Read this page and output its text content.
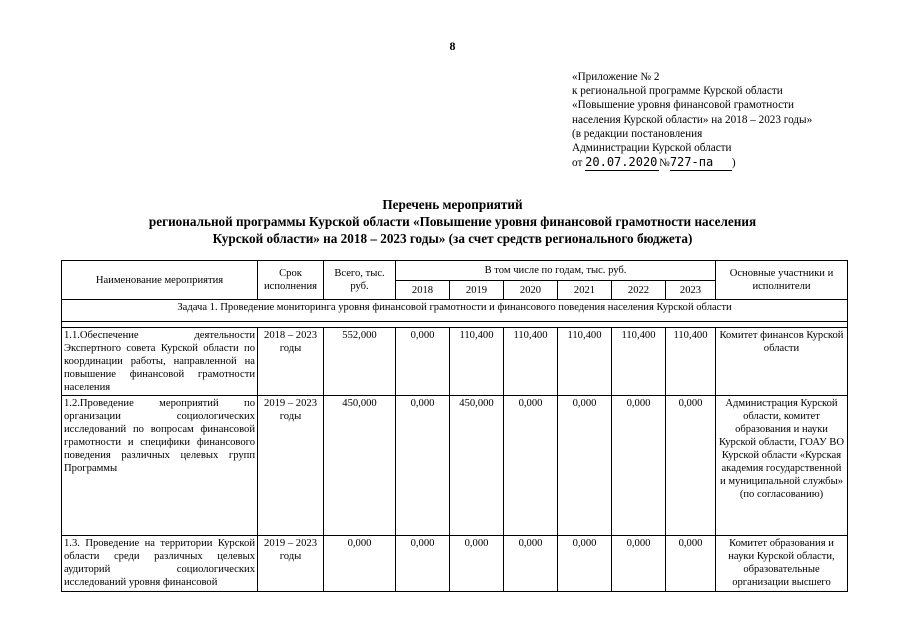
8
«Приложение № 2
к региональной программе Курской области
«Повышение уровня финансовой грамотности
населения Курской области» на 2018 – 2023 годы»
(в редакции постановления
Администрации Курской области
от 20.07.2020 №727-па )
Перечень мероприятий
региональной программы Курской области «Повышение уровня финансовой грамотности населения
Курской области» на 2018 – 2023 годы» (за счет средств регионального бюджета)
Наименование мероприятия	Срок исполнения	Всего, тыс. руб.	В том числе по годам, тыс. руб.						Основные участники и исполнители
			2018	2019	2020	2021	2022	2023	
Задача 1. Проведение мониторинга уровня финансовой грамотности и финансового поведения населения Курской области									

1.1.Обеспечение деятельности Экспертного совета Курской области по координации работы, направленной на повышение финансовой грамотности населения	2018 – 2023 годы	552,000	0,000	110,400	110,400	110,400	110,400	110,400	Комитет финансов Курской области
1.2.Проведение мероприятий по организации социологических исследований по вопросам финансовой грамотности и специфики финансового поведения различных целевых групп Программы	2019 – 2023 годы	450,000	0,000	450,000	0,000	0,000	0,000	0,000	Администрация Курской области, комитет образования и науки Курской области, ГОАУ ВО Курской области «Курская академия государственной и муниципальной службы» (по согласованию)
1.3. Проведение на территории Курской области среди различных целевых аудиторий социологических исследований уровня финансовой	2019 – 2023 годы	0,000	0,000	0,000	0,000	0,000	0,000	0,000	Комитет образования и науки Курской области, образовательные организации высшего
